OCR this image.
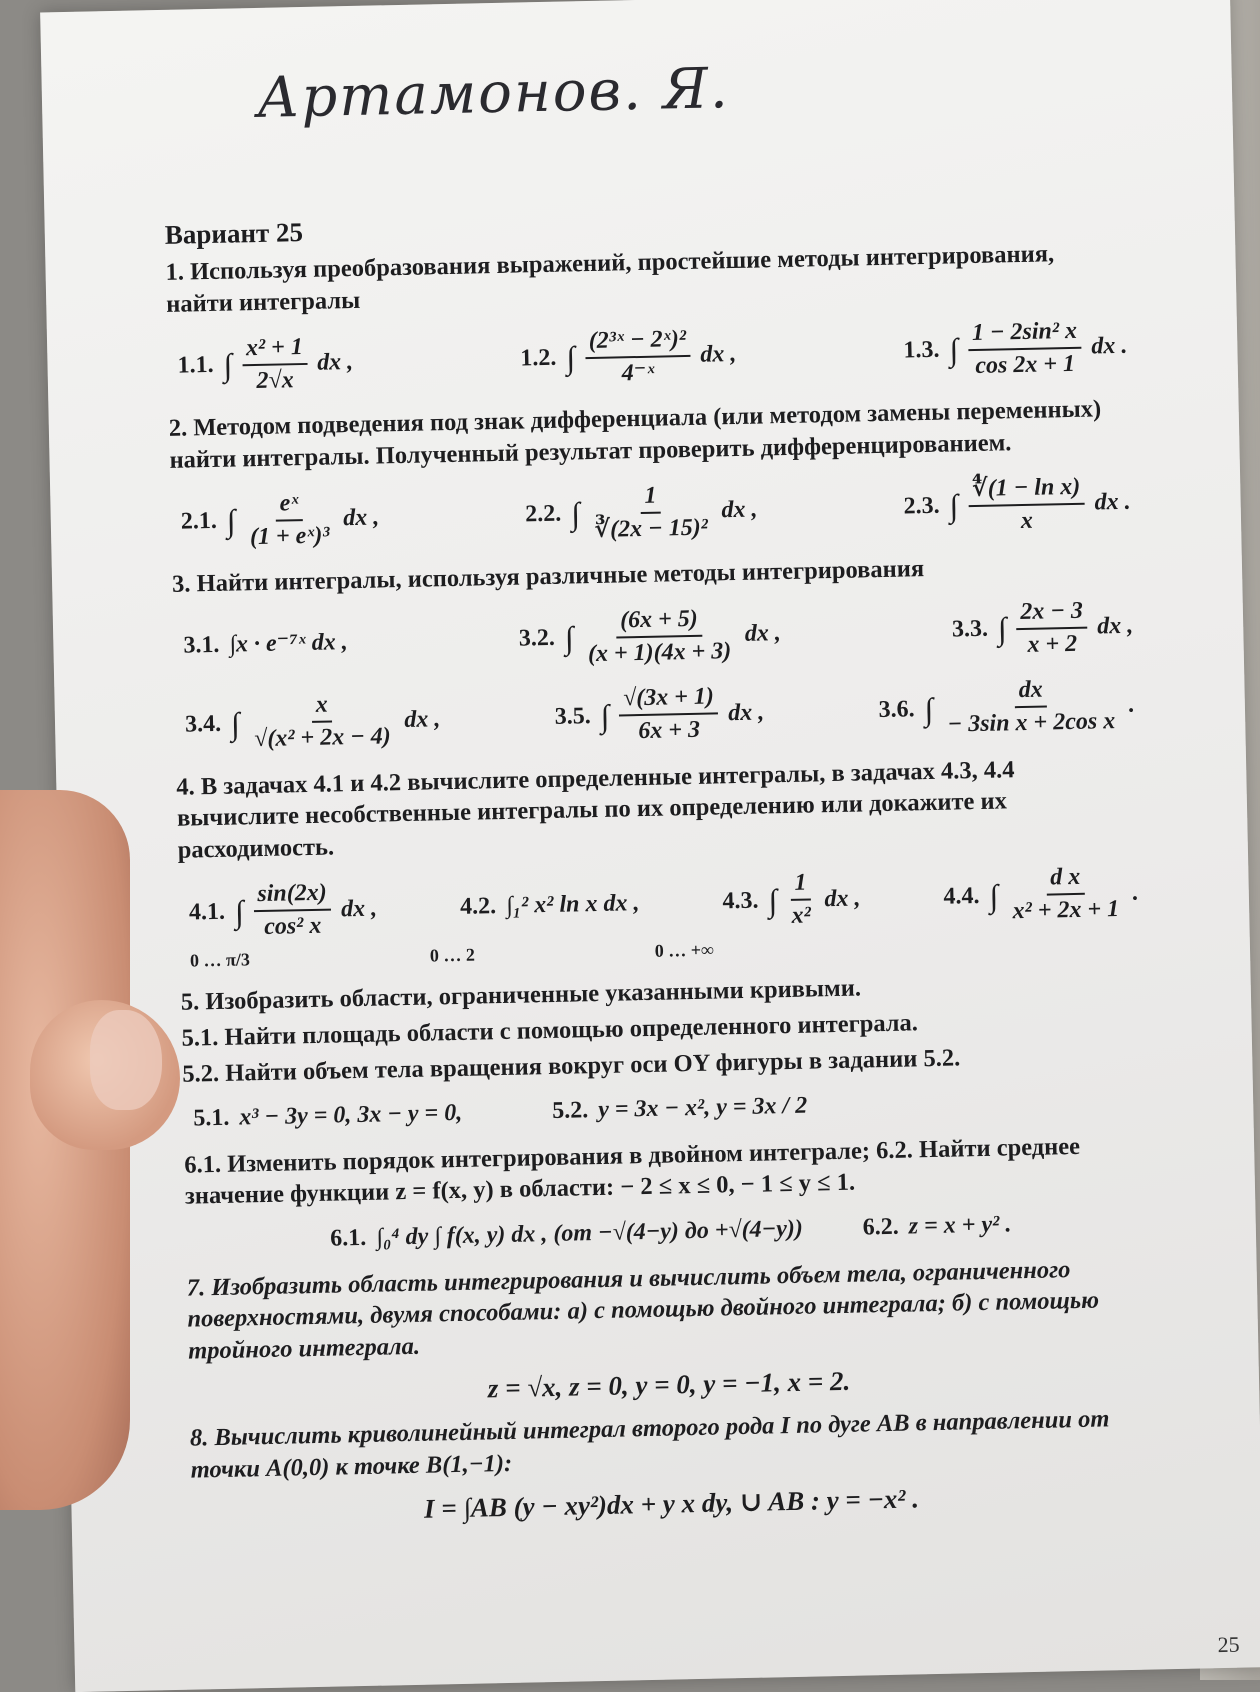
Артамонов. Я.
Вариант 25
1. Используя преобразования выражений, простейшие методы интегрирования, найти интегралы
1.1. ∫ $\frac{\text{x² + 1}}{2√x}$ dx ,	1.2. ∫ $\frac{\text{(2³ˣ − 2ˣ)²}}{\text{4⁻ˣ}}$ dx ,	1.3. ∫ $\frac{\text{1 − 2sin² x}}{\cos 2x + 1}$ dx .
2. Методом подведения под знак дифференциала (или методом замены переменных) найти интегралы. Полученный результат проверить дифференцированием.
2.1. ∫ $\frac{\text{eˣ}}{\text{(1 + eˣ)³}}$ dx ,	2.2. ∫ $\frac{1}{\text{∛(2x − 15)²}}$ dx ,	2.3. ∫ $\frac{\text{∜(1 − ln x)}}{x}$ dx .
3. Найти интегралы, используя различные методы интегрирования
3.1. ∫x · e⁻⁷ˣ dx ,	3.2. ∫ $\frac{(6x + 5)}{(x + 1)(4x + 3)}$ dx ,	3.3. ∫ $\frac{2x - 3}{x + 2}$ dx ,
3.4. ∫ $\frac{x}{\text{√(x² + 2x − 4)}}$ dx ,	3.5. ∫ $\frac{√(3x + 1)}{6x + 3}$ dx ,	3.6. ∫ $\frac{dx}{\text{− 3sin x + 2cos x}}$ .
4. В задачах 4.1 и 4.2 вычислите определенные интегралы, в задачах 4.3, 4.4 вычислите несобственные интегралы по их определению или докажите их расходимость.
4.1. ∫ $\frac{\sin(2x)}{\text{cos² x}}$ dx ,	4.2. ∫₁² x² ln x dx ,	4.3. ∫ $\frac{1}{\text{x²}}$ dx ,	4.4. ∫ $\frac{\text{d x}}{\text{x² + 2x + 1}}$ .
0 … π/3	0 … 2	0 … +∞
5. Изобразить области, ограниченные указанными кривыми.
5.1. Найти площадь области с помощью определенного интеграла.
5.2. Найти объем тела вращения вокруг оси OY фигуры в задании 5.2.
5.1. x³ − 3y = 0, 3x − y = 0,	5.2. y = 3x − x², y = 3x / 2
6.1. Изменить порядок интегрирования в двойном интеграле; 6.2. Найти среднее значение функции z = f(x, y) в области: − 2 ≤ x ≤ 0, − 1 ≤ y ≤ 1.
6.1. ∫₀⁴ dy ∫ f(x, y) dx , (от −√(4−y) до +√(4−y)) 6.2. z = x + y² .
7. Изобразить область интегрирования и вычислить объем тела, ограниченного поверхностями, двумя способами: а) с помощью двойного интеграла; б) с помощью тройного интеграла.
z = √x, z = 0, y = 0, y = −1, x = 2.
8. Вычислить криволинейный интеграл второго рода I по дуге AB в направлении от точки A(0,0) к точке B(1,−1):
I = ∫AB (y − xy²)dx + y x dy, ∪ AB : y = −x² .
25
